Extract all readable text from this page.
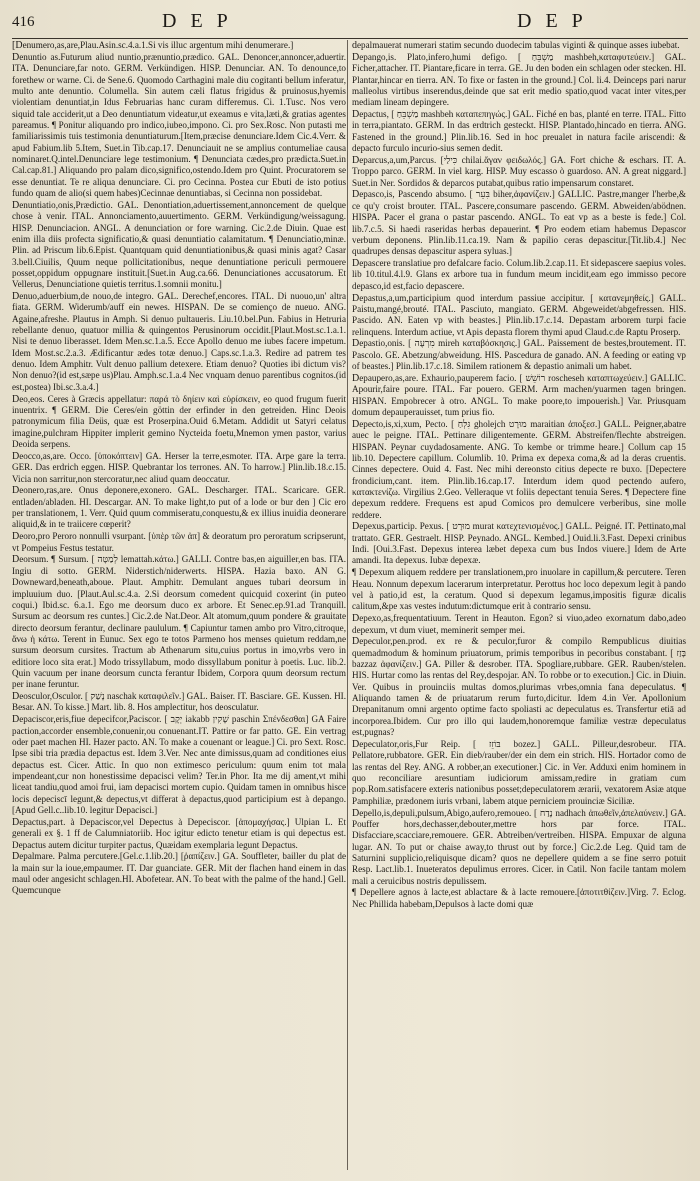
416	DEP	DEP

[Denumero,as,are,Plau.Asin.sc.4.a.1.Si vis illuc argentum mihi denumerare.]

Denuntio as.Futurum aliud nuntio,prænuntio,prædico. GAL. Denoncer,annoncer,aduertir. ITA. Denunciare,far noto. GERM. Verkündigen. HISP. Denunciar. AN. To denounce,to forethew or warne. Ci. de Sene.6. Quomodo Carthagini male diu cogitanti bellum inferatur, multo ante denuntio. Columella. Sin autem cæli flatus frigidus & pruinosus,hyemis violentiam denuntiat,in Idus Februarias hanc curam differemus. Ci. 1.Tusc. Nos vero siquid tale acciderit,ut a Deo denuntiatum videatur,ut exeamus e vita,læti,& gratias agentes pareamus. ¶ Ponitur aliquando pro indico,iubeo,impono. Ci. pro Sex.Rosc. Non putasti me familiarissimis tuis testimonia denuntiaturum.[Item,præcise denunciare.Idem Cic.4.Verr. & apud Fabium.lib 5.Item, Suet.in Tib.cap.17. Denunciauit ne se amplius contumeliae causa nominaret.Q.intel.Denunciare lege testimonium. ¶ Denunciata cædes,pro prædicta.Suet.in Cal.cap.81.] Aliquando pro palam dico,significo,ostendo.Idem pro Quint. Procuratorem se esse denuntiat. Te re aliqua denunciare. Ci. pro Cecinna. Postea cur Ebuti de isto potius fundo quam de alio(si quem habes)Cecinnae denuntiabas, si Cecinna non possidebat.

Denuntiatio,onis,Prædictio. GAL. Denontiation,aduertissement,annoncement de quelque chose à venir. ITAL. Annonciamento,auuertimento. GERM. Verkündigung/weissagung. HISP. Denunciacion. ANGL. A denunciation or fore warning. Cic.2.de Diuin. Quae est enim illa diis profecta significatio,& quasi denuntiatio calamitatum. ¶ Denunciatio,minæ. Plin. ad Priscum lib.6.Epist. Quantquam quid denuntiationibus,& quasi minis agat? Casar 3.bell.Ciuilis, Quum neque pollicitationibus, neque denuntiatione periculi permouere posset,oppidum oppugnare instituit.[Suet.in Aug.ca.66. Denunciationes accusatorum. Et Vellerus, Denunciatione quietis territus.1.somnii monitu.]

Denuo,aduerbium,de nouo,de integro. GAL. Derechef,encores. ITAL. Di nuouo,un' altra fiata. GERM. Widerumb/auff ein newes. HISPAN. De se comienço de nueuo. ANG. Againe,afreshe. Plautus in Amph. Si denuo pultaueris. Liu.10.bel.Pun. Fabius in Hetruria rebellante denuo, quatuor millia & quingentos Perusinorum occidit.[Plaut.Most.sc.1.a.1. Nisi te denuo liberasset. Idem Men.sc.1.a.5. Ecce Apollo denuo me iubes facere impetum. Idem Most.sc.2.a.3. Ædificantur ædes totæ denuo.] Caps.sc.1.a.3. Redire ad patrem tes denuo. Idem Amphitr. Vult denuo pallium detexere. Etiam denuo? Quoties ibi dictum vis? Non denuo?(id est,sæpe us)Plau. Amph.sc.1.a.4 Nec vnquam denuo parentibus cognitos.(id est,postea) Ibi.sc.3.a.4.]

Deo,eos. Ceres à Græcis appellatur: παρά τὸ δηίειν καὶ εὑρίσκειν, eo quod frugum fuerit inuentrix. ¶ GERM. Die Ceres/ein göttin der erfinder in den getreiden. Hinc Deois patronymicum filia Deüs, quæ est Proserpina.Ouid 6.Metam. Addidit ut Satyri celatus imagine,pulchram Hippiter implerit gemino Nycteida foetu,Mnemon ymen pastor, varius Deoida serpens.

Deocco,as,are. Occo. [ὑποκόπτειν] GA. Herser la terre,esmoter. ITA. Arpe gare la terra. GER. Das erdrich eggen. HISP. Quebrantar los terrones. AN. To harrow.] Plin.lib.18.c.15. Vicia non sarritur,non stercoratur,nec aliud quam deoccatur.

Deonero,ras,are. Onus deponere,exonero. GAL. Descharger. ITAL. Scaricare. GER. entladen/abladen. HI. Descargar. AN. To make light,to put of a lode or bur den ] Cic ero per translationem, 1. Verr. Quid quum commiseratu,conquestu,& ex illius inuidia deonerare aliquid,& in te traiicere cœperit?

Deoro,pro Peroro nonnulli vsurpant. [ὑπὲρ τῶν ἀπ] & deoratum pro peroratum scripserunt, vt Pompeius Festus testatur.

Deorsum. ¶ Sursum. [ לְמַטָּה lemattah.κάτω.] GALLI. Contre bas,en aiguiller,en bas. ITA. Ingiu di sotto. GERM. Niderstich/niderwerts. HISPA. Hazia baxo. AN G. Downeward,beneath,aboue. Plaut. Amphitr. Demulant angues tubari deorsum in impluuium duo. [Plaut.Aul.sc.4.a. 2.Si deorsum comedent quicquid coxerint (in puteo coqui.) Ibid.sc. 6.a.1. Ego me deorsum duco ex arbore. Et Senec.ep.91.ad Tranquill. Sursum ac deorsum res cuntes.] Cic.2.de Nat.Deor. Alt atomum,quum pondere & grauitate directo deorsum ferantur, declinare paululum. ¶ Capiuntur tamen ambo pro Vitro,citroque, ἄνω ἡ κάτω. Terent in Eunuc. Sex ego te totos Parmeno hos menses quietum reddam,ne sursum deorsum cursites. Tractum ab Athenarum situ,cuius portus in imo,vrbs vero in editiore loco sita erat.] Modo trissyllabum, modo dissyllabum ponitur à poetis. Luc. lib.2. Quin vacuum per inane deorsum cuncta ferantur Ibidem, Corpora quum deorsum rectum per inane feruntur.

Deosculor,Osculor. [ נָשַׁק naschak καταφιλεῖν.] GAL. Baiser. IT. Basciare. GE. Kussen. HI. Besar. AN. To kisse.] Mart. lib. 8. Hos amplectitur, hos deosculatur.

Depaciscor,eris,fiue depecifcor,Paciscor. [ יְקָב iakabb שָׁקִין paschin Σπένδεσθαι] GA Faire paction,accorder ensemble,conuenir,ou conuenant.IT. Pattire or far patto. GE. Ein vertrag oder paet machen HI. Hazer pacto. AN. To make a couenant or league.] Ci. pro Sext. Rosc. Ipse sibi tria prædia depactus est. Idem 3.Ver. Nec ante dimissus,quam ad conditiones eius depactus est. Cicer. Attic. In quo non extimesco periculum: quum enim tot mala impendeant,cur non honestissime depacisci velim? Ter.in Phor. Ita me dij ament,vt mihi liceat tandiu,quod amoi frui, iam depacisci mortem cupio. Quidam tamen in omnibus hisce locis depeciscī legunt,& depectus,vt differat à depactus,quod participium est à depango.[Apud Gell.c..lib.10. legitur Depacisci.]

Depactus,part. à Depaciscor,vel Depectus à Depeciscor. [ἀπομαχήσας.] Ulpian L. Et generali ex §. 1 ff de Calumniatoriib. Hoc igitur edicto tenetur etiam is qui depectus est. Depactus autem dicitur turpiter pactus, Quæidam exemplaria legunt Depactus.

Depalmare. Palma percutere.[Gel.c.1.lib.20.] [ῥαπίζειν.] GA. Souffleter, bailler du plat de la main sur la ioue,empaumer. IT. Dar guanciate. GER. Mit der flachen hand einem in das maul oder angesicht schlagen.HI. Abofetear. AN. To beat with the palme of the hand.] Gell. Quemcunque

depalmauerat numerari statim secundo duodecim tabulas viginti & quinque asses iubebat.

Depango,is. Plato,infero,humi defigo. [ מַשְׁבֵּחַ mashbeh,καταφυτεύειν.] GAL. Ficher,attacher. IT. Piantare,ficare in terra. GE. Ju den boden ein schlagen oder stecken. HI. Plantar,hincar en tierra. AN. To fixe or fasten in the ground.] Col. li.4. Deinceps pari narur malleolus virtibus inserendus,deinde que sat erit medio spatio,quod vacat inter vites,per mediam lineam depingere.

Depactus, [ מַשְׁבֵּחַ mashbeh καταπεπηγώς.] GAL. Fiché en bas, planté en terre. ITAL. Fitto in terra,piantato. GERM. In das erdtrich gesteckt. HISP. Plantado,hincado en tierra. ANG. Fastened in the ground.] Plin.lib.16. Sed in hoc preualet in natura facile ariscendi: & depacto furculo incurio-sius semen dedit.

Deparcus,a,um,Parcus. [כִּילַי chilai.ἄγαν φειδωλός.] GA. Fort chiche & eschars. IT. A. Troppo parco. GERM. In viel karg. HISP. Muy escasso ò guardoso. AN. A great niggard.] Suet.in Ner. Sordidos & deparcos putabat,quibus ratio impensarum constaret.

Depasco,is, Pascendo absumo. [ בִּעֵר biher,ἀφανίζειν.] GALLIC. Pastre,manger l'herbe,& ce qu'y croist brouter. ITAL. Pascere,consumare pascendo. GERM. Abweiden/abödnen. HISPA. Pacer el grana o pastar pascendo. ANGL. To eat vp as a beste is fede.] Col. lib.7.c.5. Si haedi raseridas herbas depauerint. ¶ Pro eodem etiam habemus Depascor verbum deponens. Plin.lib.11.ca.19. Nam & papilio ceras depascitur.[Tit.lib.4.] Nec quadrupes densas depascitur aspera syluas.]

Depascere translatiue pro defalcare facio. Colum.lib.2.cap.11. Et sidepascere saepius voles. lib 10.titul.4.l.9. Glans ex arbore tua in fundum meum incidit,eam ego immisso pecore depasco,id est,facio depascere.

Depastus,a,um,participium quod interdum passiue accipitur. [ κατανεμηθείς.] GALL. Paistu,mangé,brouté. ITAL. Pasciuto, mangiato. GERM. Abgeweidet/abgefressen. HIS. Pascido. AN. Eaten vp with beastes.] Plin.lib.17.c.14. Depastam arborem turpi facie relinquens. Interdum actiue, vt Apis depasta florem thymi apud Claud.c.de Raptu Proserp.

Depastio,onis. [ מִרְעֶה mireh καταβόσκησις.] GAL. Paissement de bestes,broutement. IT. Pascolo. GE. Abetzung/abweidung. HIS. Pascedura de ganado. AN. A feeding or eating vp of beastes.] Plin.lib.17.c.18. Similem rationem & depastio animali um habet.

Depaupero,as,are. Exhaurio,pauperem facio. [ רוֹשֵׁשׁ roscheseh καταπτωχεύειν.] GALLIC. Apourir,faire poure. ITAL. Far pouero. GERM. Arm machen/yuarmen tagen bringen. HISPAN. Empobrecer à otro. ANGL. To make poore,to impouerish.] Var. Priusquam domum depauperauisset, tum prius fio.

Depecto,is,xi,xum, Pecto. [ גִּלְּחַ gholejch מוּרָט maraitian ἀποξεσ.] GALL. Peigner,abatre auec le peigne. ITAL. Pettinare diligentemente. GERM. Abstreifen/flechte abstreigen. HISPAN. Peynar cuydadosamente. ANG. To kembe or trimme heare.] Collum cap 15 lib.10. Depectere capillum. Columlib. 10. Prima ex depexa coma,& ad la deras cruentis. Cinnes depectere. Ouid 4. Fast. Nec mihi dereonsto citius depecte re buxo. [Depectere frondicium,cant. item. Plin.lib.16.cap.17. Interdum idem quod pectendo aufero, κατακτενίζω. Virgilius 2.Geo. Velleraque vt foliis depectant tenuia Seres. ¶ Depectere fine depexum reddere. Frequens est apud Comicos pro demulcere verberibus, sine molle reddere.

Depexus,particip. Pexus. [ מוּרָט murat κατεχτενισμένος.] GALL. Peigné. IT. Pettinato,mal trattato. GER. Gestraelt. HISP. Peynado. ANGL. Kembed.] Ouid.li.3.Fast. Depexi crinibus Indi. [Oui.3.Fast. Depexus interea læbet depexa cum bus Indos viuere.] Idem de Arte amandi. Ita depexus. Iubæ depexæ.

¶ Depexum aliquem reddere per translationem,pro inuolare in capillum,& percutere. Teren Heau. Nonnum depexum lacerarum interpretatur. Perottus hoc loco depexum legit à pando vel à patio,id est, la ceratum. Quod si depexum legamus,impositis figuræ dicalis calitum,&pe xas vestes indutum:dictumque erit à contrario sensu.

Depexo,as,frequentatiuum. Terent in Heauton. Egon? si viuo,adeo exornatum dabo,adeo depexum, vt dum viuet, meminerit semper mei.

Depeculor,pen.prod. ex re & peculor,furor & compilo Rempublicus diuitias quemadmodum & hominum priuatorum, primis temporibus in pecoribus constabant. [ בָּזַז bazzaz ἀφανίζειν.] GA. Piller & desrober. ITA. Spogliare,rubbare. GER. Rauben/stelen. HIS. Hurtar como las rentas del Rey,despojar. AN. To robbe or to execution.] Cic. in Diuin. Ver. Quibus in prouinciis multas domos,plurimas vrbes,omnia fana depeculatus. ¶ Aliquando tamen & de priuatarum rerum furto,dicitur. Idem 4.in Ver. Apollonium Drepanitanum omni argento optime facto spoliasti ac depeculatus es. Transfertur etiā ad incorporea.Ibidem. Cur pro illo qui laudem,honoremque familiæ vestræ depeculatus est,pugnas?

Depeculator,oris,Fur Reip. [ בּוֹזֵז bozez.] GALL. Pilleur,desrobeur. ITA. Pellatore,rubbatore. GER. Ein dieb/rauber/der ein dem ein strich. HIS. Hortador como de las rentas del Rey. ANG. A robber,an executioner.] Cic. in Ver. Adduxi enim hominem in quo reconciliare aresuntiam iudiciorum amissam,redire in gratiam cum pop.Rom.satisfacere exteris nationibus posset;depeculatorem ærarii, vexatorem Asiæ atque Pamphiliæ, prædonem iuris vrbani, labem atque perniciem prouinciæ Siciliæ.

Depello,is,depuli,pulsum,Abigo,aufero,remoueo. [ נָדַח nadhach ἀπωθεῖν,ἀπελαύνειν.] GA. Pouffer hors,dechasser,debouter,mettre hors par force. ITAL. Disfacciare,scacciare,remouere. GER. Abtreiben/vertreiben. HISPA. Empuxar de alguna lugar. AN. To put or chaise away,to thrust out by force.] Cic.2.de Leg. Quid tam de Saturnini supplicio,reliquisque dicam? quos ne depellere quidem a se fine serro potuit Resp. Lact.lib.1. Inueteratos depulimus errores. Cicer. in Catil. Non facile tantam molem mali a ceruicibus nostris depulissem.

¶ Depellere agnos à lacte,est ablactare & à lacte remouere.[ἀποτιτθίζειν.]Virg. 7. Eclog. Nec Phillida habebam,Depulsos à lacte domi quæ
